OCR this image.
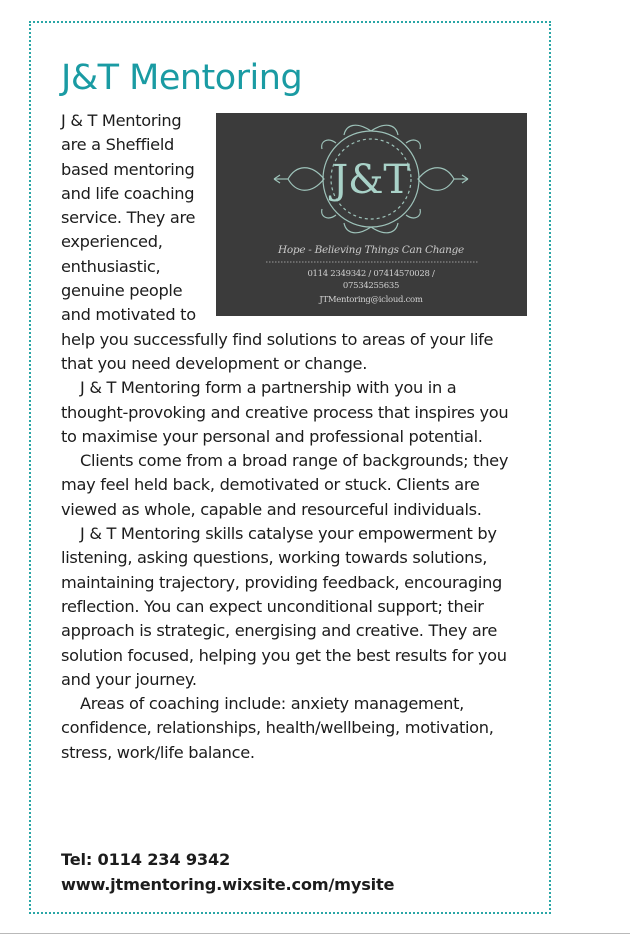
J&T Mentoring
J&T
Hope - Believing Things Can Change
0114 2349342 / 07414570028 /
07534255635
JTMentoring@icloud.com

J & T Mentoring are a Sheffield based mentoring and life coaching service. They are experienced, enthusiastic, genuine people and motivated to help you successfully find solutions to areas of your life that you need development or change.

J & T Mentoring form a partnership with you in a thought-provoking and creative process that inspires you to maximise your personal and professional potential.

Clients come from a broad range of backgrounds; they may feel held back, demotivated or stuck. Clients are viewed as whole, capable and resourceful individuals.

J & T Mentoring skills catalyse your empowerment by listening, asking questions, working towards solutions, maintaining trajectory, providing feedback, encouraging reflection. You can expect unconditional support; their approach is strategic, energising and creative. They are solution focused, helping you get the best results for you and your journey.

Areas of coaching include: anxiety management, confidence, relationships, health/wellbeing, motivation, stress, work/life balance.

Tel: 0114 234 9342
www.jtmentoring.wixsite.com/mysite
